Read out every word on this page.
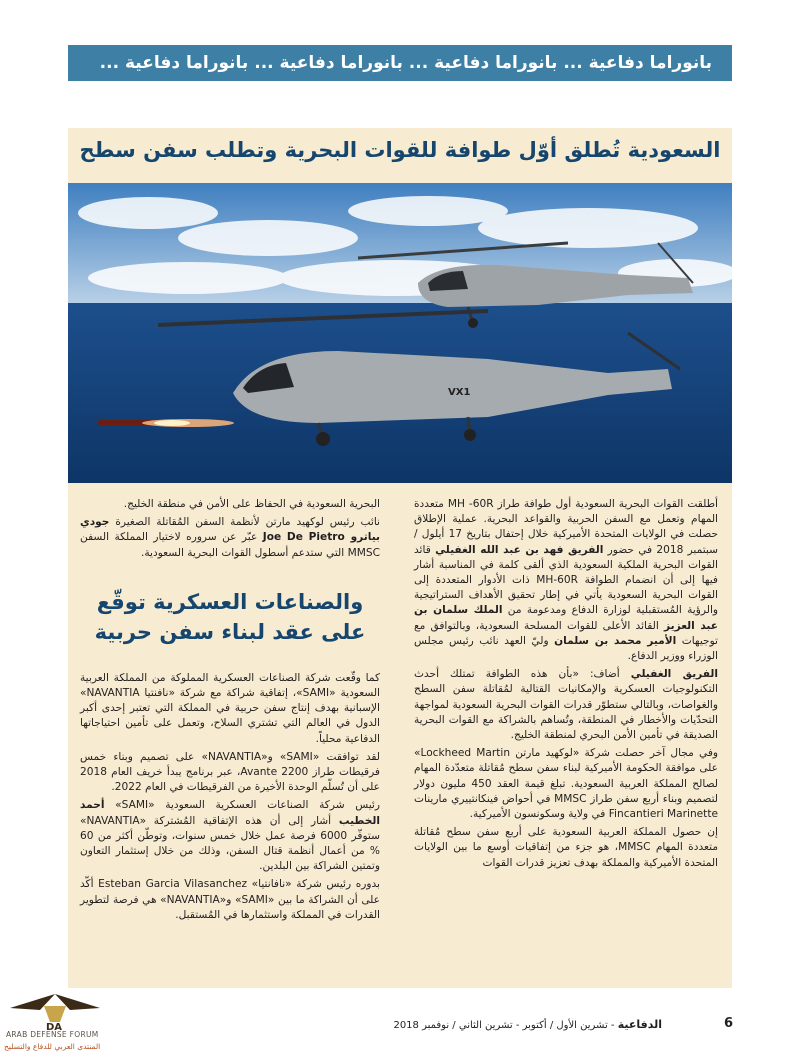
بانوراما دفاعية ... بانوراما دفاعية ... بانوراما دفاعية ... بانوراما دفاعية ...
السعودية تُطلق أوّل طوافة للقوات البحرية وتطلب سفن سطح
VX1

أطلقت القوات البحرية السعودية أول طوافة طراز MH -60R متعددة المهام وتعمل مع السفن الحربية والقواعد البحرية. عملية الإطلاق حصلت في الولايات المتحدة الأميركية خلال إحتفال بتاريخ 17 أيلول / سبتمبر 2018 في حضور الفريق فهد بن عبد الله الغفيلي قائد القوات البحرية الملكية السعودية الذي ألقى كلمة في المناسبة أشار فيها إلى أن انضمام الطوافة MH-60R ذات الأدوار المتعددة إلى القوات البحرية السعودية يأتي في إطار تحقيق الأهداف الستراتيجية والرؤية المُستقبلية لوزارة الدفاع ومدعومة من الملك سلمان بن عبد العزيز القائد الأعلى للقوات المسلحة السعودية، وبالتوافق مع توجيهات الأمير محمد بن سلمان وليّ العهد نائب رئيس مجلس الوزراء ووزير الدفاع.

الفريق الغفيلي أضاف: «بأن هذه الطوافة تمتلك أحدث التكنولوجيات العسكرية والإمكانيات القتالية لمُقاتلة سفن السطح والغواصات، وبالتالي ستطوّر قدرات القوات البحرية السعودية لمواجهة التحدّيات والأخطار في المنطقة، وتُساهم بالشراكة مع القوات البحرية الصديقة في تأمين الأمن البحري لمنطقة الخليج.

وفي مجال آخر حصلت شركة «لوكهيد مارتن Lockheed Martin» على موافقة الحكومة الأميركية لبناء سفن سطح مُقاتلة متعدّدة المهام لصالح المملكة العربية السعودية. تبلغ قيمة العقد 450 مليون دولار لتصميم وبناء أربع سفن طراز MMSC في أحواض فينكانتييري مارينات Fincantieri Marinette في ولاية وسكونسون الأميركية.

إن حصول المملكة العربية السعودية على أربع سفن سطح مُقاتلة متعددة المهام MMSC، هو جزء من إتفاقيات أوسع ما بين الولايات المتحدة الأميركية والمملكة بهدف تعزيز قدرات القوات

البحرية السعودية في الحفاظ على الأمن في منطقة الخليج.

نائب رئيس لوكهيد مارتن لأنظمة السفن المُقاتلة الصغيرة جودي بياترو Joe De Pietro عبّر عن سروره لاختيار المملكة السفن MMSC التي ستدعم أسطول القوات البحرية السعودية.

والصناعات العسكرية توقّع على عقد لبناء سفن حربية

كما وقّعت شركة الصناعات العسكرية المملوكة من المملكة العربية السعودية «SAMI»، إتفاقية شراكة مع شركة «نافنتيا NAVANTIA» الإسبانية بهدف إنتاج سفن حربية في المملكة التي تعتبر إحدى أكبر الدول في العالم التي تشتري السلاح، وتعمل على تأمين احتياجاتها الدفاعية محلياً.

لقد توافقت «SAMI» و«NAVANTIA» على تصميم وبناء خمس فرقيطات طراز Avante 2200، عبر برنامج يبدأ خريف العام 2018 على أن تُسلّم الوحدة الأخيرة من الفرقيطات في العام 2022.

رئيس شركة الصناعات العسكرية السعودية «SAMI» أحمد الخطيب أشار إلى أن هذه الإتفاقية المُشتركة «NAVANTIA» ستوفّر 6000 فرصة عمل خلال خمس سنوات، وتوطّن أكثر من 60 % من أعمال أنظمة قتال السفن، وذلك من خلال إستثمار التعاون وتمتين الشراكة بين البلدين.

بدوره رئيس شركة «نافانتيا» Esteban Garcia Vilasanchez أكّد على أن الشراكة ما بين «SAMI» و«NAVANTIA» هي فرصة لتطوير القدرات في المملكة واستثمارها في المُستقبل.

6
الدفاعية - تشرين الأول / أكتوبر - تشرين الثاني / نوفمبر 2018
DA
ARAB DEFENSE FORUM
المنتدى العربي للدفاع والتسليح
